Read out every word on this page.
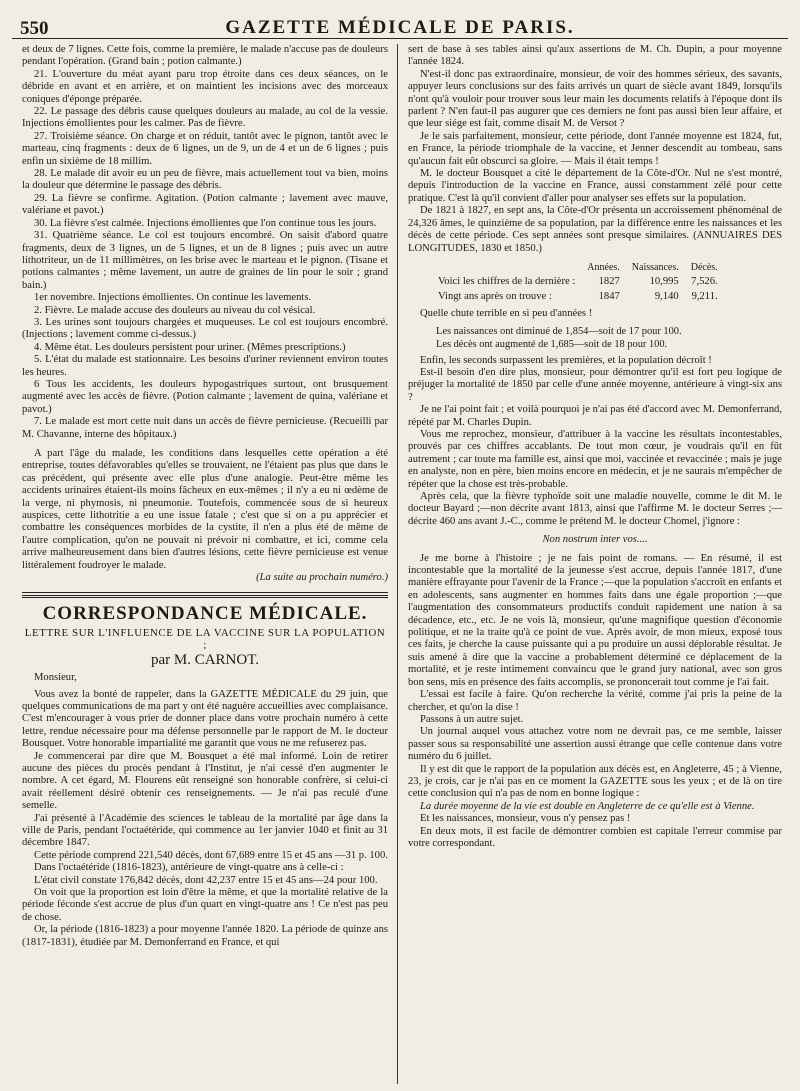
550	GAZETTE MÉDICALE DE PARIS.

et deux de 7 lignes. Cette fois, comme la première, le malade n'accuse pas de douleurs pendant l'opération. (Grand bain ; potion calmante.)

21. L'ouverture du méat ayant paru trop étroite dans ces deux séances, on le débride en avant et en arrière, et on maintient les incisions avec des morceaux coniques d'éponge préparée.

22. Le passage des débris cause quelques douleurs au malade, au col de la vessie. Injections émollientes pour les calmer. Pas de fièvre.

27. Troisième séance. On charge et on réduit, tantôt avec le pignon, tantôt avec le marteau, cinq fragments : deux de 6 lignes, un de 9, un de 4 et un de 6 lignes ; puis enfin un sixième de 18 millim.

28. Le malade dit avoir eu un peu de fièvre, mais actuellement tout va bien, moins la douleur que détermine le passage des débris.

29. La fièvre se confirme. Agitation. (Potion calmante ; lavement avec mauve, valériane et pavot.)

30. La fièvre s'est calmée. Injections émollientes que l'on continue tous les jours.

31. Quatrième séance. Le col est toujours encombré. On saisit d'abord quatre fragments, deux de 3 lignes, un de 5 lignes, et un de 8 lignes ; puis avec un autre lithotriteur, un de 11 millimètres, on les brise avec le marteau et le pignon. (Tisane et potions calmantes ; même lavement, un autre de graines de lin pour le soir ; grand bain.)

1er novembre. Injections émollientes. On continue les lavements.

2. Fièvre. Le malade accuse des douleurs au niveau du col vésical.

3. Les urines sont toujours chargées et muqueuses. Le col est toujours encombré. (Injections ; lavement comme ci-dessus.)

4. Même état. Les douleurs persistent pour uriner. (Mêmes prescriptions.)

5. L'état du malade est stationnaire. Les besoins d'uriner reviennent environ toutes les heures.

6 Tous les accidents, les douleurs hypogastriques surtout, ont brusquement augmenté avec les accès de fièvre. (Potion calmante ; lavement de quina, valériane et pavot.)

7. Le malade est mort cette nuit dans un accès de fièvre pernicieuse. (Recueilli par M. Chavanne, interne des hôpitaux.)

A part l'âge du malade, les conditions dans lesquelles cette opération a été entreprise, toutes défavorables qu'elles se trouvaient, ne l'étaient pas plus que dans le cas précédent, qui présente avec elle plus d'une analogie. Peut-être même les accidents urinaires étaient-ils moins fâcheux en eux-mêmes ; il n'y a eu ni œdème de la verge, ni phymosis, ni pneumonie. Toutefois, commencée sous de si heureux auspices, cette lithotritie a eu une issue fatale ; c'est que si on a pu apprécier et combattre les conséquences morbides de la cystite, il n'en a plus été de même de l'autre complication, qu'on ne pouvait ni prévoir ni combattre, et ici, comme cela arrive malheureusement dans bien d'autres lésions, cette fièvre pernicieuse est venue littéralement foudroyer le malade.

(La suite au prochain numéro.)

CORRESPONDANCE MÉDICALE.
LETTRE SUR L'INFLUENCE DE LA VACCINE SUR LA POPULATION ;
par M. CARNOT.

Monsieur,

Vous avez la bonté de rappeler, dans la GAZETTE MÉDICALE du 29 juin, que quelques communications de ma part y ont été naguère accueillies avec complaisance. C'est m'encourager à vous prier de donner place dans votre prochain numéro à cette lettre, rendue nécessaire pour ma défense personnelle par le rapport de M. le docteur Bousquet. Votre honorable impartialité me garantit que vous ne me refuserez pas.

Je commencerai par dire que M. Bousquet a été mal informé. Loin de retirer aucune des pièces du procès pendant à l'Institut, je n'ai cessé d'en augmenter le nombre. A cet égard, M. Flourens eût renseigné son honorable confrère, si celui-ci avait réellement désiré obtenir ces renseignements. — Je n'ai pas reculé d'une semelle.

J'ai présenté à l'Académie des sciences le tableau de la mortalité par âge dans la ville de Paris, pendant l'octaétéride, qui commence au 1er janvier 1040 et finit au 31 décembre 1847.

Cette période comprend 221,540 décès, dont 67,689 entre 15 et 45 ans —31 p. 100.

Dans l'octaétéride (1816-1823), antérieure de vingt-quatre ans à celle-ci :

L'état civil constate 176,842 décès, dont 42,237 entre 15 et 45 ans—24 pour 100.

On voit que la proportion est loin d'être la même, et que la mortalité relative de la période féconde s'est accrue de plus d'un quart en vingt-quatre ans ! Ce n'est pas peu de chose.

Or, la période (1816-1823) a pour moyenne l'année 1820. La période de quinze ans (1817-1831), étudiée par M. Demonferrand en France, et qui

sert de base à ses tables ainsi qu'aux assertions de M. Ch. Dupin, a pour moyenne l'année 1824.

N'est-il donc pas extraordinaire, monsieur, de voir des hommes sérieux, des savants, appuyer leurs conclusions sur des faits arrivés un quart de siècle avant 1849, lorsqu'ils n'ont qu'à vouloir pour trouver sous leur main les documents relatifs à l'époque dont ils parlent ? N'en faut-il pas augurer que ces derniers ne font pas aussi bien leur affaire, et que leur siége est fait, comme disait M. de Versot ?

Je le sais parfaitement, monsieur, cette période, dont l'année moyenne est 1824, fut, en France, la période triomphale de la vaccine, et Jenner descendit au tombeau, sans qu'aucun fait eût obscurci sa gloire. — Mais il était temps !

M. le docteur Bousquet a cité le département de la Côte-d'Or. Nul ne s'est montré, depuis l'introduction de la vaccine en France, aussi constamment zélé pour cette pratique. C'est là qu'il convient d'aller pour analyser ses effets sur la population.

De 1821 à 1827, en sept ans, la Côte-d'Or présenta un accroissement phénoménal de 24,326 âmes, le quinzième de sa population, par la différence entre les naissances et les décès de cette période. Ces sept années sont presque similaires. (ANNUAIRES DES LONGITUDES, 1830 et 1850.)

	Années.	Naissances.	Décès.
Voici les chiffres de la dernière :	1827	10,995	7,526.
Vingt ans après on trouve :	1847	9,140	9,211.

Quelle chute terrible en si peu d'années !

Les naissances ont diminué de 1,854—soit de 17 pour 100.
Les décès ont augmenté de 1,685—soit de 18 pour 100.

Enfin, les seconds surpassent les premières, et la population décroît !

Est-il besoin d'en dire plus, monsieur, pour démontrer qu'il est fort peu logique de préjuger la mortalité de 1850 par celle d'une année moyenne, antérieure à vingt-six ans ?

Je ne l'ai point fait ; et voilà pourquoi je n'ai pas été d'accord avec M. Demonferrand, répété par M. Charles Dupin.

Vous me reprochez, monsieur, d'attribuer à la vaccine les résultats incontestables, prouvés par ces chiffres accablants. De tout mon cœur, je voudrais qu'il en fût autrement ; car toute ma famille est, ainsi que moi, vaccinée et revaccinée ; mais je juge en analyste, non en père, bien moins encore en médecin, et je ne saurais m'empêcher de répéter que la chose est très-probable.

Après cela, que la fièvre typhoïde soit une maladie nouvelle, comme le dit M. le docteur Bayard ;—non décrite avant 1813, ainsi que l'affirme M. le docteur Serres ;—décrite 460 ans avant J.-C., comme le prétend M. le docteur Chomel, j'ignore :

Non nostrum inter vos....

Je me borne à l'histoire ; je ne fais point de romans. — En résumé, il est incontestable que la mortalité de la jeunesse s'est accrue, depuis l'année 1817, d'une manière effrayante pour l'avenir de la France ;—que la population s'accroît en enfants et en adolescents, sans augmenter en hommes faits dans une égale proportion ;—que l'augmentation des consommateurs productifs conduit rapidement une nation à sa décadence, etc., etc. Je ne vois là, monsieur, qu'une magnifique question d'économie politique, et ne la traite qu'à ce point de vue. Après avoir, de mon mieux, exposé tous ces faits, je cherche la cause puissante qui a pu produire un aussi déplorable résultat. Je suis amené à dire que la vaccine a probablement déterminé ce déplacement de la mortalité, et je reste intimement convaincu que le grand jury national, avec son gros bon sens, mis en présence des faits accomplis, se prononcerait tout comme je l'ai fait.

L'essai est facile à faire. Qu'on recherche la vérité, comme j'ai pris la peine de la chercher, et qu'on la dise !

Passons à un autre sujet.

Un journal auquel vous attachez votre nom ne devrait pas, ce me semble, laisser passer sous sa responsabilité une assertion aussi étrange que celle contenue dans votre numéro du 6 juillet.

Il y est dit que le rapport de la population aux décès est, en Angleterre, 45 ; à Vienne, 23, je crois, car je n'ai pas en ce moment la GAZETTE sous les yeux ; et de là on tire cette conclusion qui n'a pas de nom en bonne logique :

La durée moyenne de la vie est double en Angleterre de ce qu'elle est à Vienne.

Et les naissances, monsieur, vous n'y pensez pas !

En deux mots, il est facile de démontrer combien est capitale l'erreur commise par votre correspondant.
